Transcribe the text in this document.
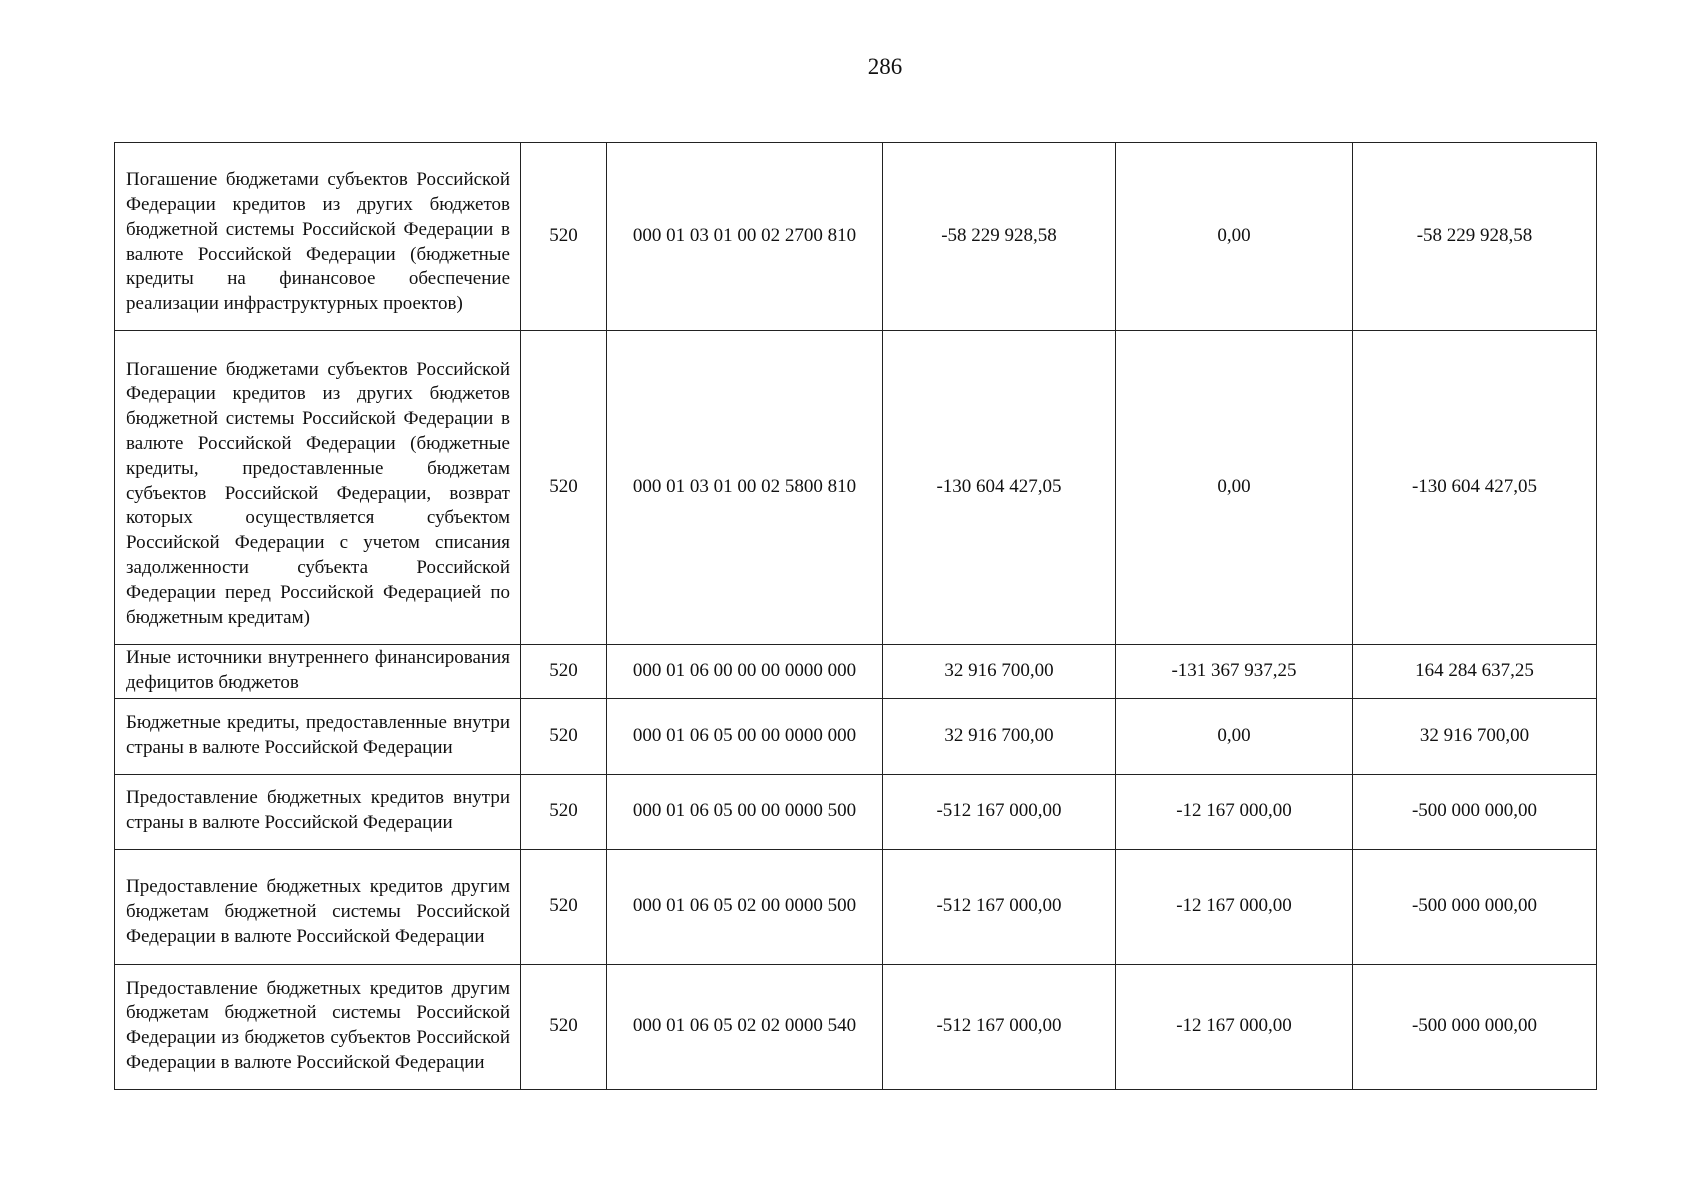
286
Погашение бюджетами субъектов Российской Федерации кредитов из других бюджетов бюджетной системы Российской Федерации в валюте Российской Федерации (бюджетные кредиты на финансовое обеспечение реализации инфраструктурных проектов)	520	000 01 03 01 00 02 2700 810	-58 229 928,58	0,00	-58 229 928,58
Погашение бюджетами субъектов Российской Федерации кредитов из других бюджетов бюджетной системы Российской Федерации в валюте Российской Федерации (бюджетные кредиты, предоставленные бюджетам субъектов Российской Федерации, возврат которых осуществляется субъектом Российской Федерации с учетом списания задолженности субъекта Российской Федерации перед Российской Федерацией по бюджетным кредитам)	520	000 01 03 01 00 02 5800 810	-130 604 427,05	0,00	-130 604 427,05
Иные источники внутреннего финансирования дефицитов бюджетов	520	000 01 06 00 00 00 0000 000	32 916 700,00	-131 367 937,25	164 284 637,25
Бюджетные кредиты, предоставленные внутри страны в валюте Российской Федерации	520	000 01 06 05 00 00 0000 000	32 916 700,00	0,00	32 916 700,00
Предоставление бюджетных кредитов внутри страны в валюте Российской Федерации	520	000 01 06 05 00 00 0000 500	-512 167 000,00	-12 167 000,00	-500 000 000,00
Предоставление бюджетных кредитов другим бюджетам бюджетной системы Российской Федерации в валюте Российской Федерации	520	000 01 06 05 02 00 0000 500	-512 167 000,00	-12 167 000,00	-500 000 000,00
Предоставление бюджетных кредитов другим бюджетам бюджетной системы Российской Федерации из бюджетов субъектов Российской Федерации в валюте Российской Федерации	520	000 01 06 05 02 02 0000 540	-512 167 000,00	-12 167 000,00	-500 000 000,00
